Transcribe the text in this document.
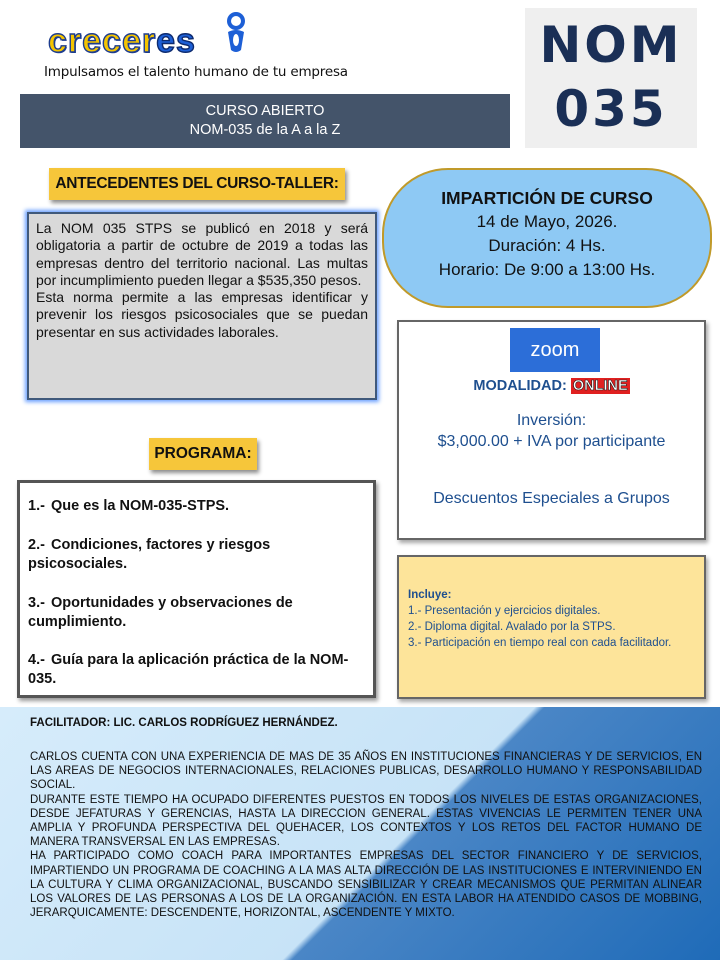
creceres
Impulsamos el talento humano de tu empresa	NOM
035
CURSO ABIERTO
NOM-035 de la A a la Z
ANTECEDENTES DEL CURSO-TALLER:

La NOM 035 STPS se publicó en 2018 y será obligatoria a partir de octubre de 2019 a todas las empresas dentro del territorio nacional. Las multas por incumplimiento pueden llegar a $535,350 pesos.

Esta norma permite a las empresas identificar y prevenir los riesgos psicosociales que se puedan presentar en sus actividades laborales.

PROGRAMA:
1.- Que es la NOM-035-STPS.
2.- Condiciones, factores y riesgos psicosociales.
3.- Oportunidades y observaciones de cumplimiento.
4.- Guía para la aplicación práctica de la NOM-035.
IMPARTICIÓN DE CURSO
14 de Mayo, 2026.
Duración: 4 Hs.
Horario: De 9:00 a 13:00 Hs.
zoom
MODALIDAD: ONLINE
Inversión:
$3,000.00 + IVA por participante
Descuentos Especiales a Grupos
Incluye:
1.- Presentación y ejercicios digitales.
2.- Diploma digital. Avalado por la STPS.
3.- Participación en tiempo real con cada facilitador.
FACILITADOR: LIC. CARLOS RODRÍGUEZ HERNÁNDEZ.

CARLOS CUENTA CON UNA EXPERIENCIA DE MAS DE 35 AÑOS EN INSTITUCIONES FINANCIERAS Y DE SERVICIOS, EN LAS AREAS DE NEGOCIOS INTERNACIONALES, RELACIONES PUBLICAS, DESARROLLO HUMANO Y RESPONSABILIDAD SOCIAL.

DURANTE ESTE TIEMPO HA OCUPADO DIFERENTES PUESTOS EN TODOS LOS NIVELES DE ESTAS ORGANIZACIONES, DESDE JEFATURAS Y GERENCIAS, HASTA LA DIRECCION GENERAL. ESTAS VIVENCIAS LE PERMITEN TENER UNA AMPLIA Y PROFUNDA PERSPECTIVA DEL QUEHACER, LOS CONTEXTOS Y LOS RETOS DEL FACTOR HUMANO DE MANERA TRANSVERSAL EN LAS EMPRESAS.

HA PARTICIPADO COMO COACH PARA IMPORTANTES EMPRESAS DEL SECTOR FINANCIERO Y DE SERVICIOS, IMPARTIENDO UN PROGRAMA DE COACHING A LA MAS ALTA DIRECCIÓN DE LAS INSTITUCIONES E INTERVINIENDO EN LA CULTURA Y CLIMA ORGANIZACIONAL, BUSCANDO SENSIBILIZAR Y CREAR MECANISMOS QUE PERMITAN ALINEAR LOS VALORES DE LAS PERSONAS A LOS DE LA ORGANIZACIÓN. EN ESTA LABOR HA ATENDIDO CASOS DE MOBBING, JERARQUICAMENTE: DESCENDENTE, HORIZONTAL, ASCENDENTE Y MIXTO.
